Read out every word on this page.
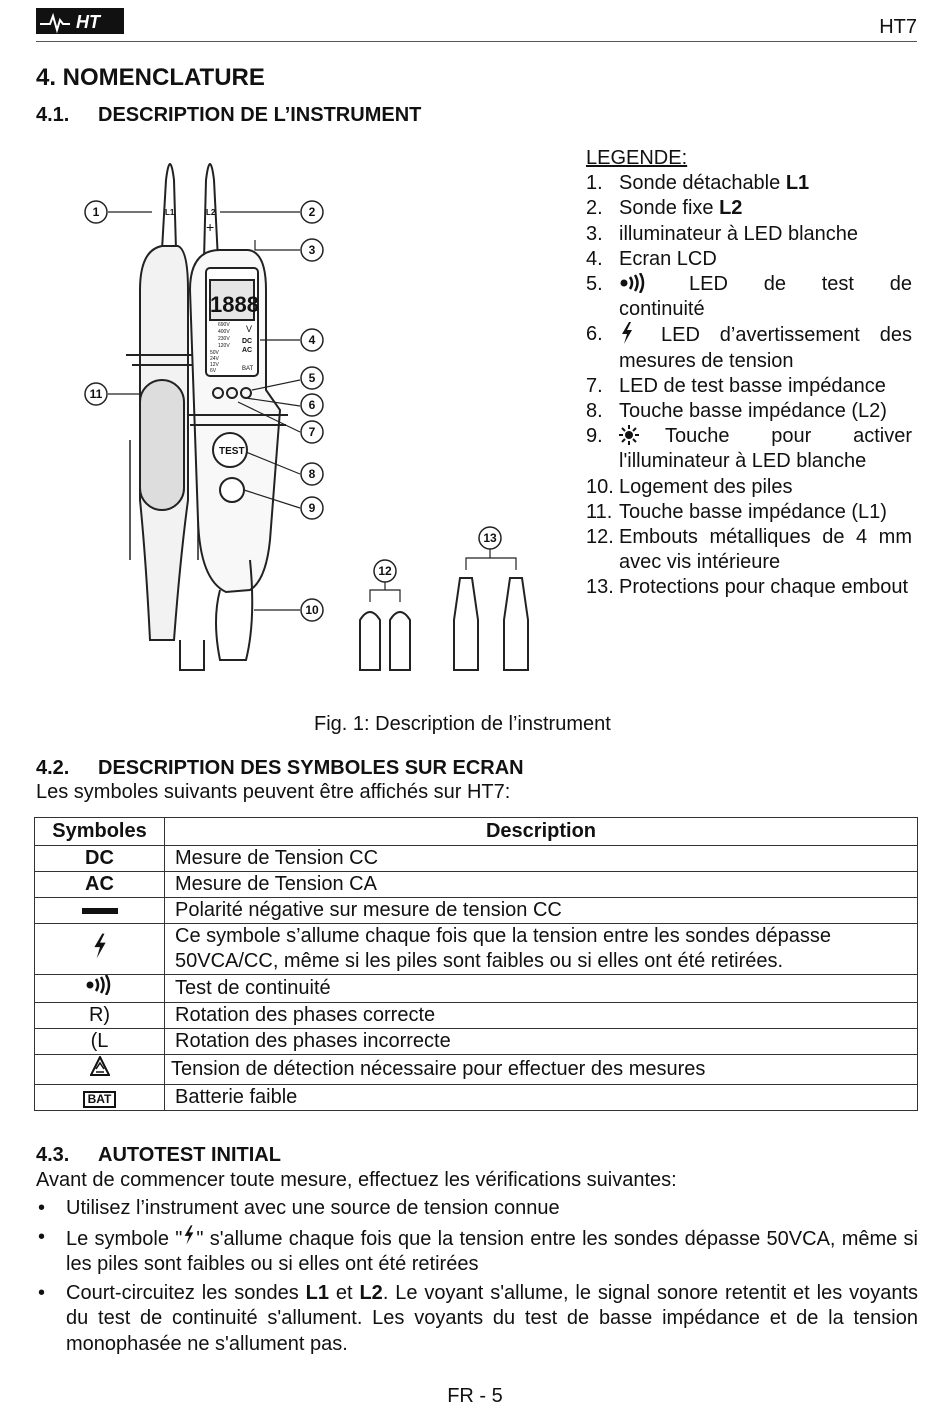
HT	HT7
4. NOMENCLATURE
4.1. DESCRIPTION DE L’INSTRUMENT
1888
V
DC
AC
BAT
690V
400V
230V
120V
50V
24V
12V
6V
TEST
L1	L2
+
1	2
3
4
5
6
7
8
9
10
11
12
13
LEGENDE:
1. Sonde détachable L1
2. Sonde fixe L2
3. illuminateur à LED blanche
4. Ecran LCD
5.	LED de test de continuité
6.	LED d’avertissement des mesures de tension
7. LED de test basse impédance
8. Touche basse impédance (L2)
9.	Touche pour activer l'illuminateur à LED blanche
10. Logement des piles
11. Touche basse impédance (L1)
12. Embouts métalliques de 4 mm avec vis intérieure
13. Protections pour chaque embout
Fig. 1: Description de l’instrument
4.2. DESCRIPTION DES SYMBOLES SUR ECRAN
Les symboles suivants peuvent être affichés sur HT7:
Symboles	Description
DC	Mesure de Tension CC
AC	Mesure de Tension CA
	Polarité négative sur mesure de tension CC
	Ce symbole s’allume chaque fois que la tension entre les sondes dépasse 50VCA/CC, même si les piles sont faibles ou si elles ont été retirées.
	Test de continuité
R)	Rotation des phases correcte
(L	Rotation des phases incorrecte
	Tension de détection nécessaire pour effectuer des mesures
BAT	Batterie faible
4.3. AUTOTEST INITIAL
Avant de commencer toute mesure, effectuez les vérifications suivantes:
•	Utilisez l’instrument avec une source de tension connue
•	Le symbole " " s'allume chaque fois que la tension entre les sondes dépasse 50VCA, même si les piles sont faibles ou si elles ont été retirées
•	Court-circuitez les sondes L1 et L2. Le voyant s'allume, le signal sonore retentit et les voyants du test de continuité s'allument. Les voyants du test de basse impédance et de la tension monophasée ne s'allument pas.
FR - 5
